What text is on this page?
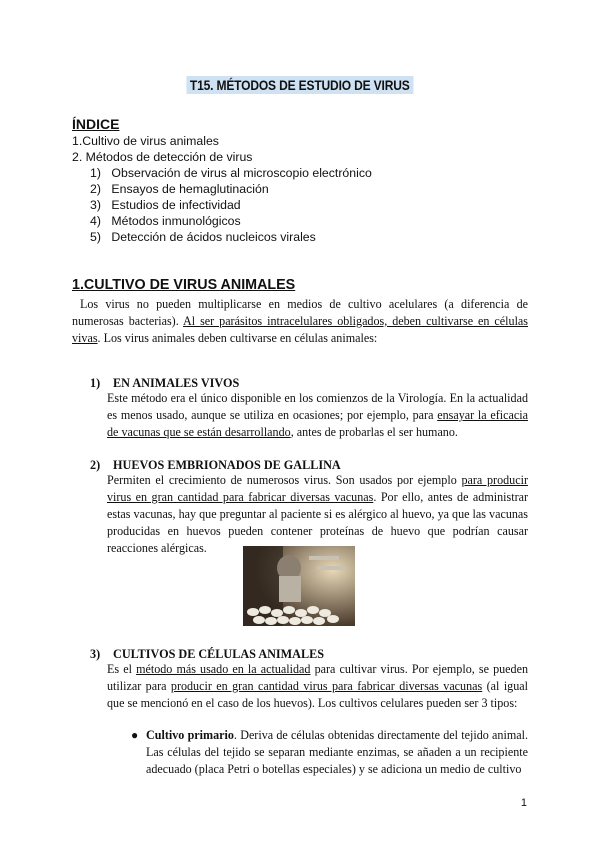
T15. MÉTODOS DE ESTUDIO DE VIRUS
ÍNDICE
1.Cultivo de virus animales
2. Métodos de detección de virus
1) Observación de virus al microscopio electrónico
2) Ensayos de hemaglutinación
3) Estudios de infectividad
4) Métodos inmunológicos
5) Detección de ácidos nucleicos virales
1.CULTIVO DE VIRUS ANIMALES

Los virus no pueden multiplicarse en medios de cultivo acelulares (a diferencia de numerosas bacterias). Al ser parásitos intracelulares obligados, deben cultivarse en células vivas. Los virus animales deben cultivarse en células animales:

1) EN ANIMALES VIVOS

Este método era el único disponible en los comienzos de la Virología. En la actualidad es menos usado, aunque se utiliza en ocasiones; por ejemplo, para ensayar la eficacia de vacunas que se están desarrollando, antes de probarlas el ser humano.

2) HUEVOS EMBRIONADOS DE GALLINA

Permiten el crecimiento de numerosos virus. Son usados por ejemplo para producir virus en gran cantidad para fabricar diversas vacunas. Por ello, antes de administrar estas vacunas, hay que preguntar al paciente si es alérgico al huevo, ya que las vacunas producidas en huevos pueden contener proteínas de huevo que podrían causar reacciones alérgicas.

3) CULTIVOS DE CÉLULAS ANIMALES

Es el método más usado en la actualidad para cultivar virus. Por ejemplo, se pueden utilizar para producir en gran cantidad virus para fabricar diversas vacunas (al igual que se mencionó en el caso de los huevos). Los cultivos celulares pueden ser 3 tipos:

● Cultivo primario. Deriva de células obtenidas directamente del tejido animal. Las células del tejido se separan mediante enzimas, se añaden a un recipiente adecuado (placa Petri o botellas especiales) y se adiciona un medio de cultivo

1
